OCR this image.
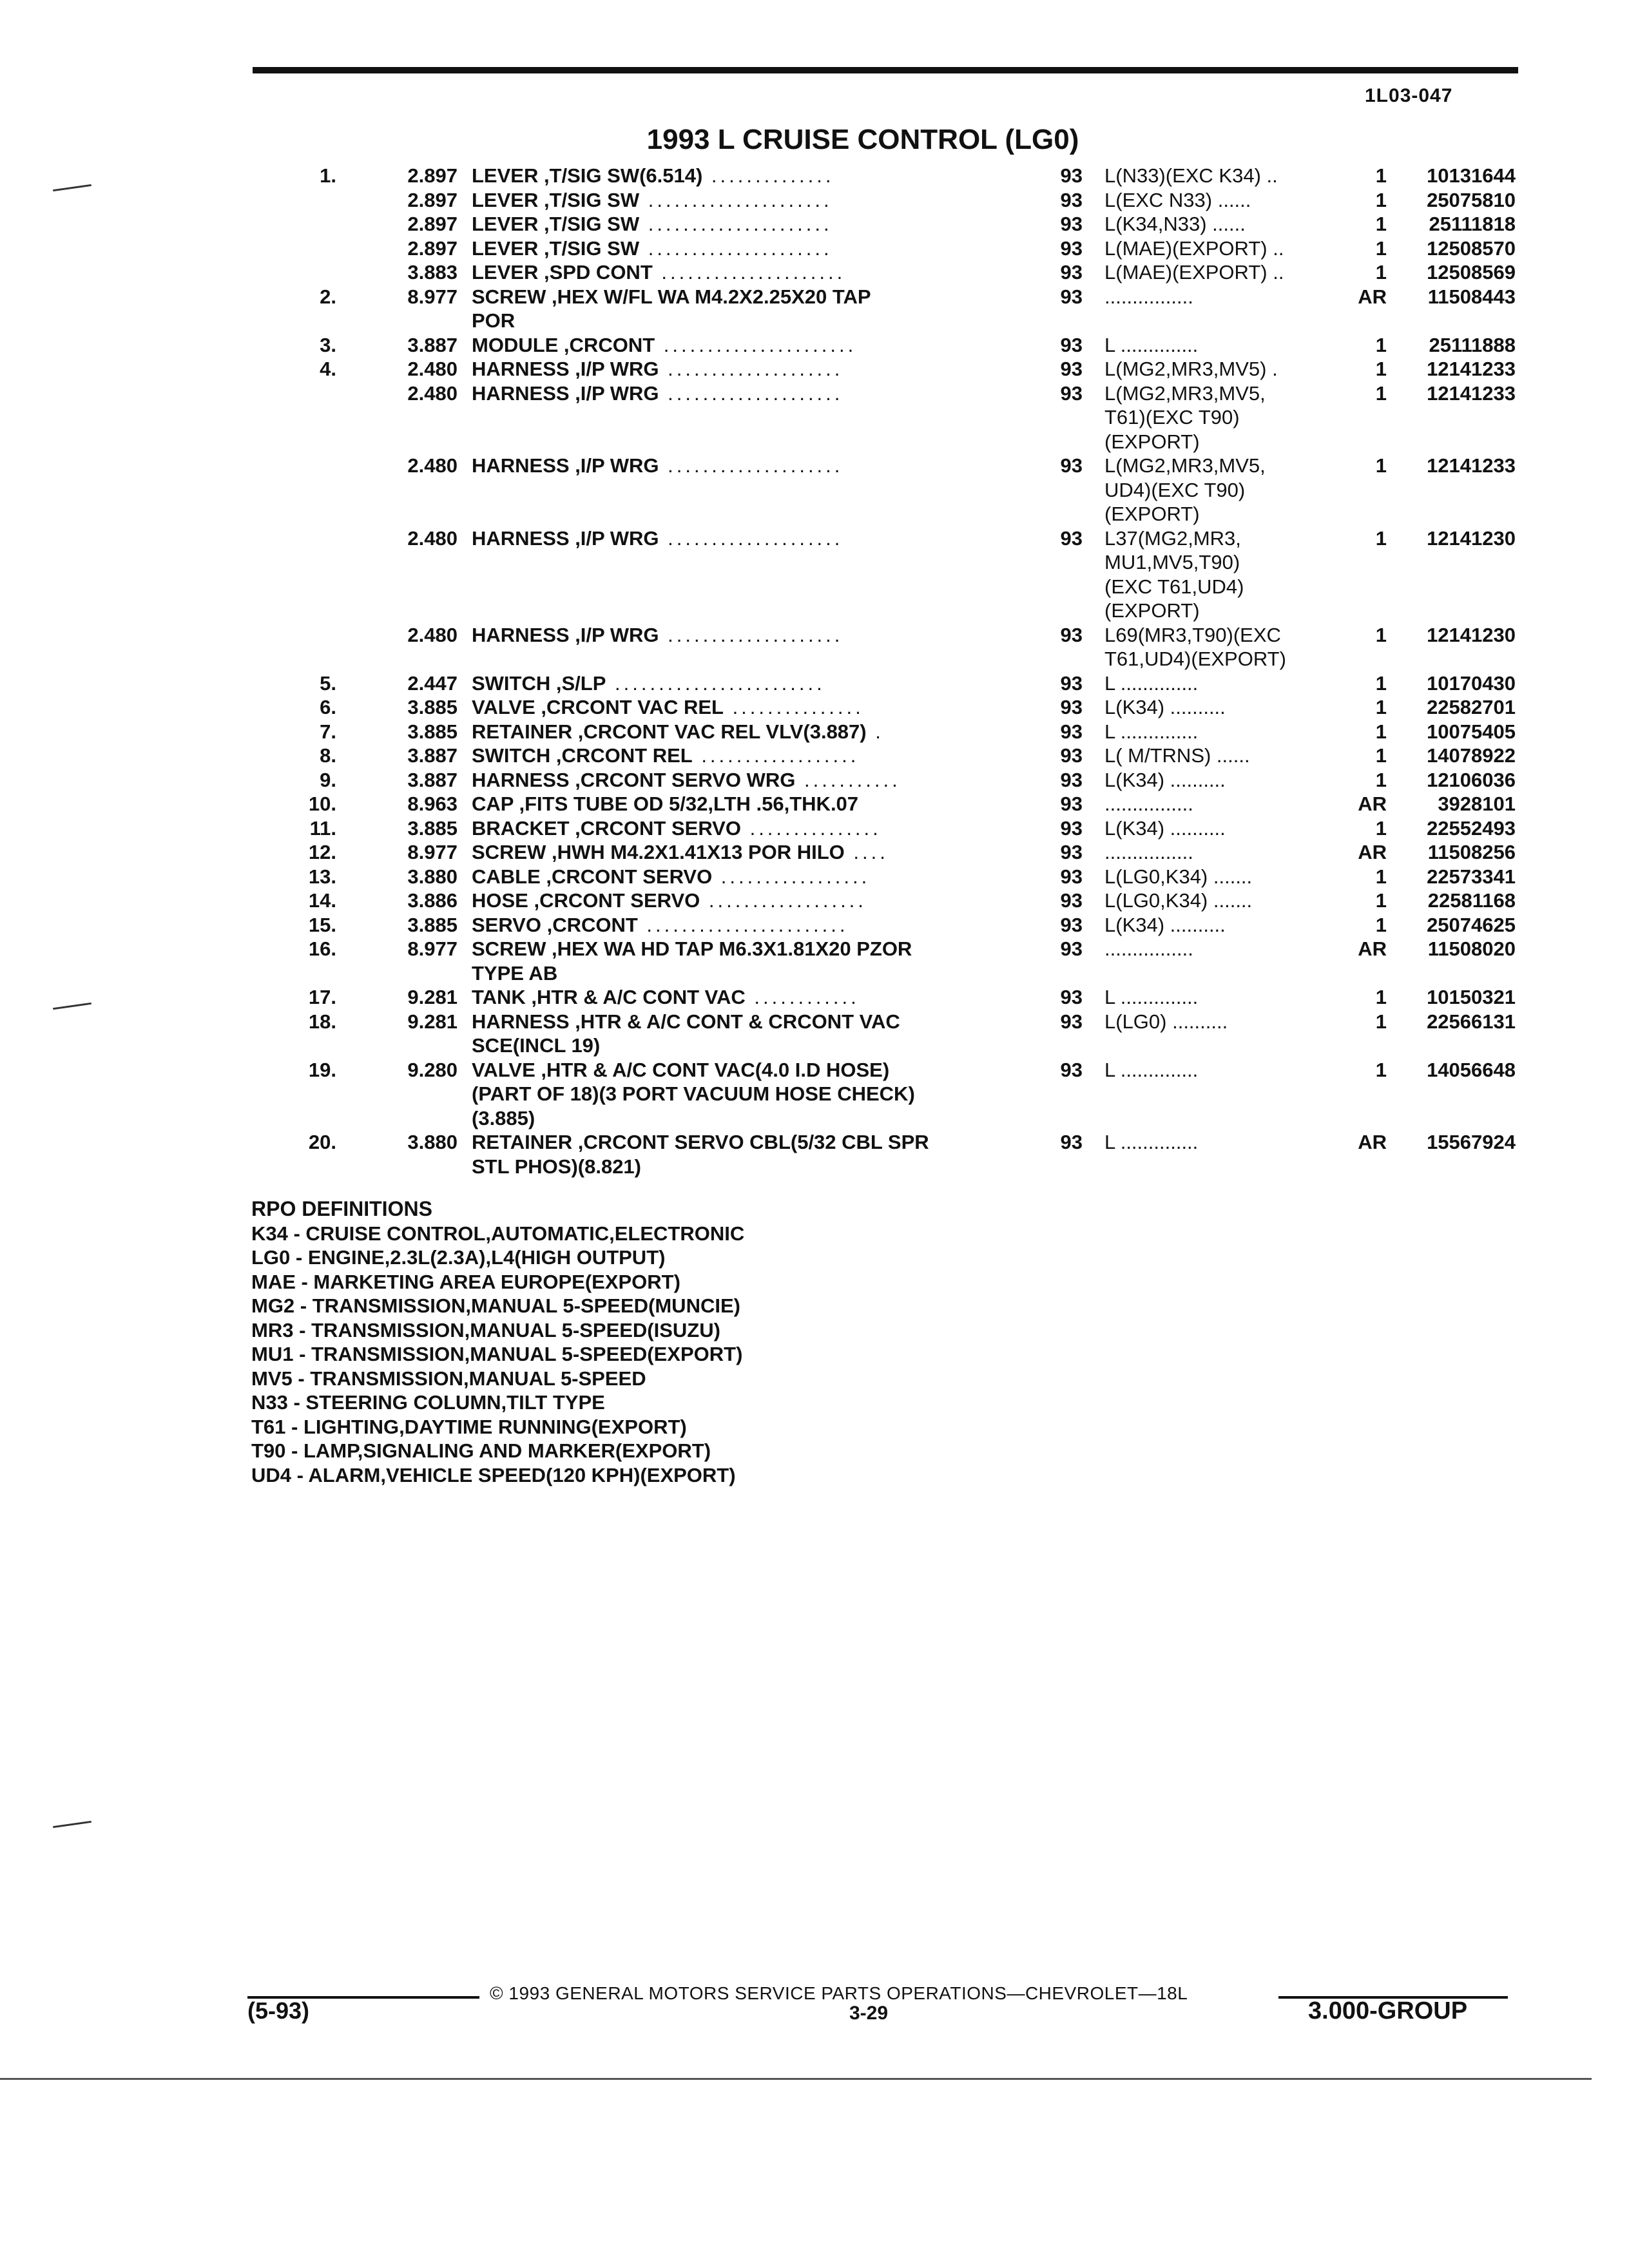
1L03-047
1993 L CRUISE CONTROL (LG0)
1.	2.897 LEVER ,T/SIG SW(6.514) ..............	93 L(N33)(EXC K34) ..	1	10131644
2.897 LEVER ,T/SIG SW .....................	93 L(EXC N33) ......	1	25075810
2.897 LEVER ,T/SIG SW .....................	93 L(K34,N33) ......	1	25111818
2.897 LEVER ,T/SIG SW .....................	93 L(MAE)(EXPORT) ..	1	12508570
3.883 LEVER ,SPD CONT .....................	93 L(MAE)(EXPORT) ..	1	12508569
2.	8.977 SCREW ,HEX W/FL WA M4.2X2.25X20 TAP
POR
93 ................	AR	11508443
3.	3.887 MODULE ,CRCONT ......................	93 L ..............	1	25111888
4.	2.480 HARNESS ,I/P WRG ....................	93 L(MG2,MR3,MV5) .	1	12141233
2.480 HARNESS ,I/P WRG ....................	93 L(MG2,MR3,MV5,
T61)(EXC T90)
(EXPORT)
1	12141233
2.480 HARNESS ,I/P WRG ....................	93 L(MG2,MR3,MV5,
UD4)(EXC T90)
(EXPORT)
1	12141233
2.480 HARNESS ,I/P WRG ....................	93 L37(MG2,MR3,
MU1,MV5,T90)
(EXC T61,UD4)
(EXPORT)
1	12141230
2.480 HARNESS ,I/P WRG ....................	93 L69(MR3,T90)(EXC
T61,UD4)(EXPORT)
1	12141230
5.	2.447 SWITCH ,S/LP ........................	93 L ..............	1	10170430
6.	3.885 VALVE ,CRCONT VAC REL ...............	93 L(K34) ..........	1	22582701
7.	3.885 RETAINER ,CRCONT VAC REL VLV(3.887) .	93 L ..............	1	10075405
8.	3.887 SWITCH ,CRCONT REL ..................	93 L( M/TRNS) ......	1	14078922
9.	3.887 HARNESS ,CRCONT SERVO WRG ...........	93 L(K34) ..........	1	12106036
10.	8.963 CAP ,FITS TUBE OD 5/32,LTH .56,THK.07	93 ................	AR	3928101
11.	3.885 BRACKET ,CRCONT SERVO ...............	93 L(K34) ..........	1	22552493
12.	8.977 SCREW ,HWH M4.2X1.41X13 POR HILO ....	93 ................	AR	11508256
13.	3.880 CABLE ,CRCONT SERVO .................	93 L(LG0,K34) .......	1	22573341
14.	3.886 HOSE ,CRCONT SERVO ..................	93 L(LG0,K34) .......	1	22581168
15.	3.885 SERVO ,CRCONT .......................	93 L(K34) ..........	1	25074625
16.	8.977 SCREW ,HEX WA HD TAP M6.3X1.81X20 PZOR
TYPE AB
93 ................	AR	11508020
17.	9.281 TANK ,HTR & A/C CONT VAC ............	93 L ..............	1	10150321
18.	9.281 HARNESS ,HTR & A/C CONT & CRCONT VAC
SCE(INCL 19)
93 L(LG0) ..........	1	22566131
19.	9.280 VALVE ,HTR & A/C CONT VAC(4.0 I.D HOSE)
(PART OF 18)(3 PORT VACUUM HOSE CHECK)
(3.885)
93 L ..............	1	14056648
20.	3.880 RETAINER ,CRCONT SERVO CBL(5/32 CBL SPR
STL PHOS)(8.821)
93 L ..............	AR	15567924
RPO DEFINITIONS
K34 - CRUISE CONTROL,AUTOMATIC,ELECTRONIC
LG0 - ENGINE,2.3L(2.3A),L4(HIGH OUTPUT)
MAE - MARKETING AREA EUROPE(EXPORT)
MG2 - TRANSMISSION,MANUAL 5-SPEED(MUNCIE)
MR3 - TRANSMISSION,MANUAL 5-SPEED(ISUZU)
MU1 - TRANSMISSION,MANUAL 5-SPEED(EXPORT)
MV5 - TRANSMISSION,MANUAL 5-SPEED
N33 - STEERING COLUMN,TILT TYPE
T61 - LIGHTING,DAYTIME RUNNING(EXPORT)
T90 - LAMP,SIGNALING AND MARKER(EXPORT)
UD4 - ALARM,VEHICLE SPEED(120 KPH)(EXPORT)
© 1993 GENERAL MOTORS SERVICE PARTS OPERATIONS—CHEVROLET—18L
(5-93)	3-29	3.000-GROUP
